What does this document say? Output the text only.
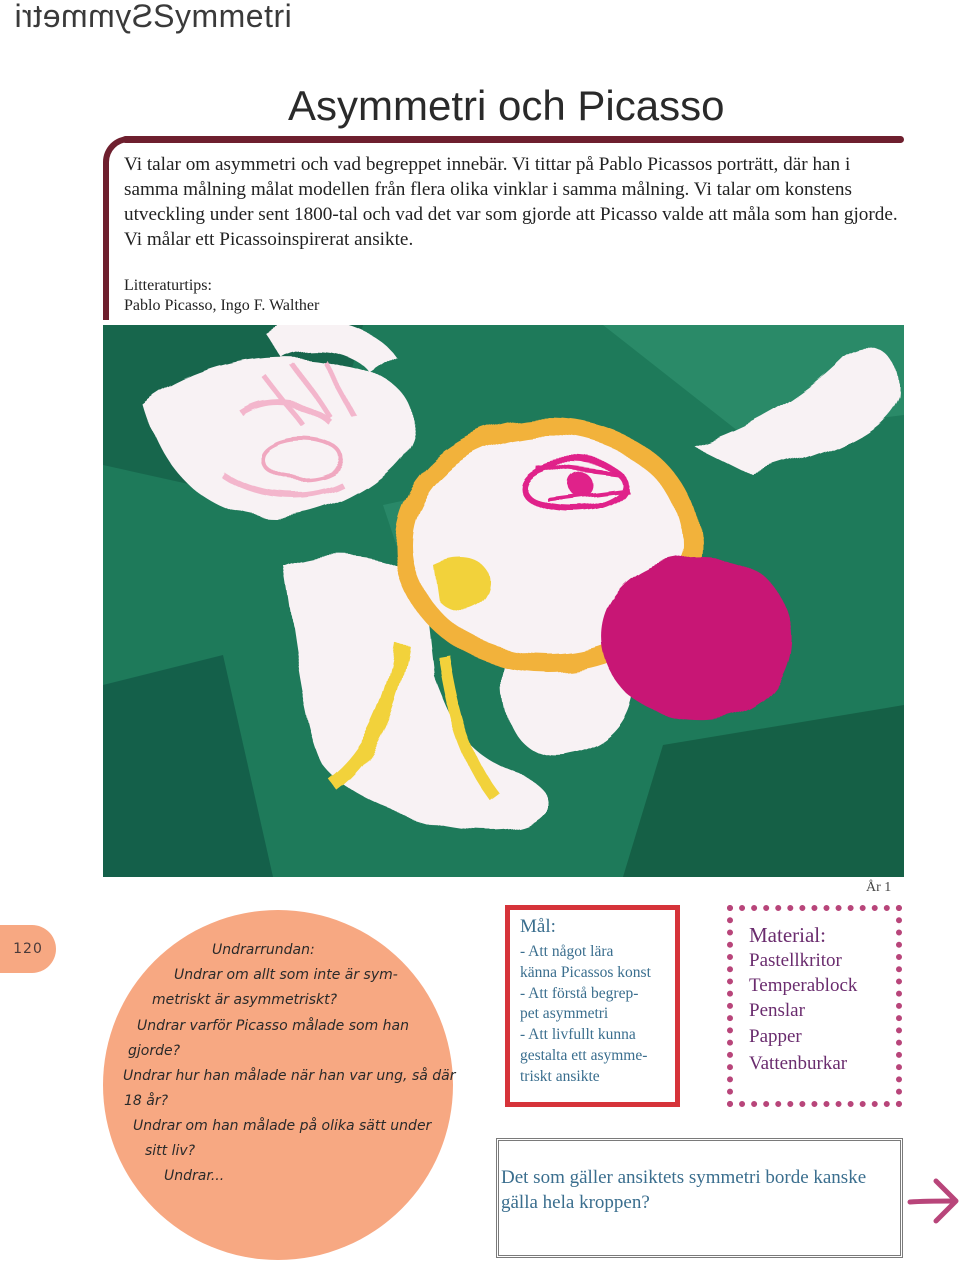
SymmetriSymmetri
Asymmetri och Picasso

Vi talar om asymmetri och vad begreppet innebär. Vi tittar på Pablo Picassos porträtt, där han i samma målning målat modellen från flera olika vinklar i samma målning. Vi talar om konstens utveckling under sent 1800-tal och vad det var som gjorde att Picasso valde att måla som han gjorde. Vi målar ett Picassoinspirerat ansikte.

Litteraturtips:
Pablo Picasso, Ingo F. Walther
År 1
120	Undrarrundan:
Undrar om allt som inte är sym-
metriskt är asymmetriskt?
Undrar varför Picasso målade som han
gjorde?
Undrar hur han målade när han var ung, så där
18 år?
Undrar om han målade på olika sätt under
sitt liv?
Undrar...
Mål:
- Att något lära
känna Picassos konst
- Att förstå begrep-
pet asymmetri
- Att livfullt kunna
gestalta ett asymme-
triskt ansikte
Material:
Pastellkritor
Temperablock
Penslar
Papper
Vattenburkar
Det som gäller ansiktets symmetri borde kanske gälla hela kroppen?
